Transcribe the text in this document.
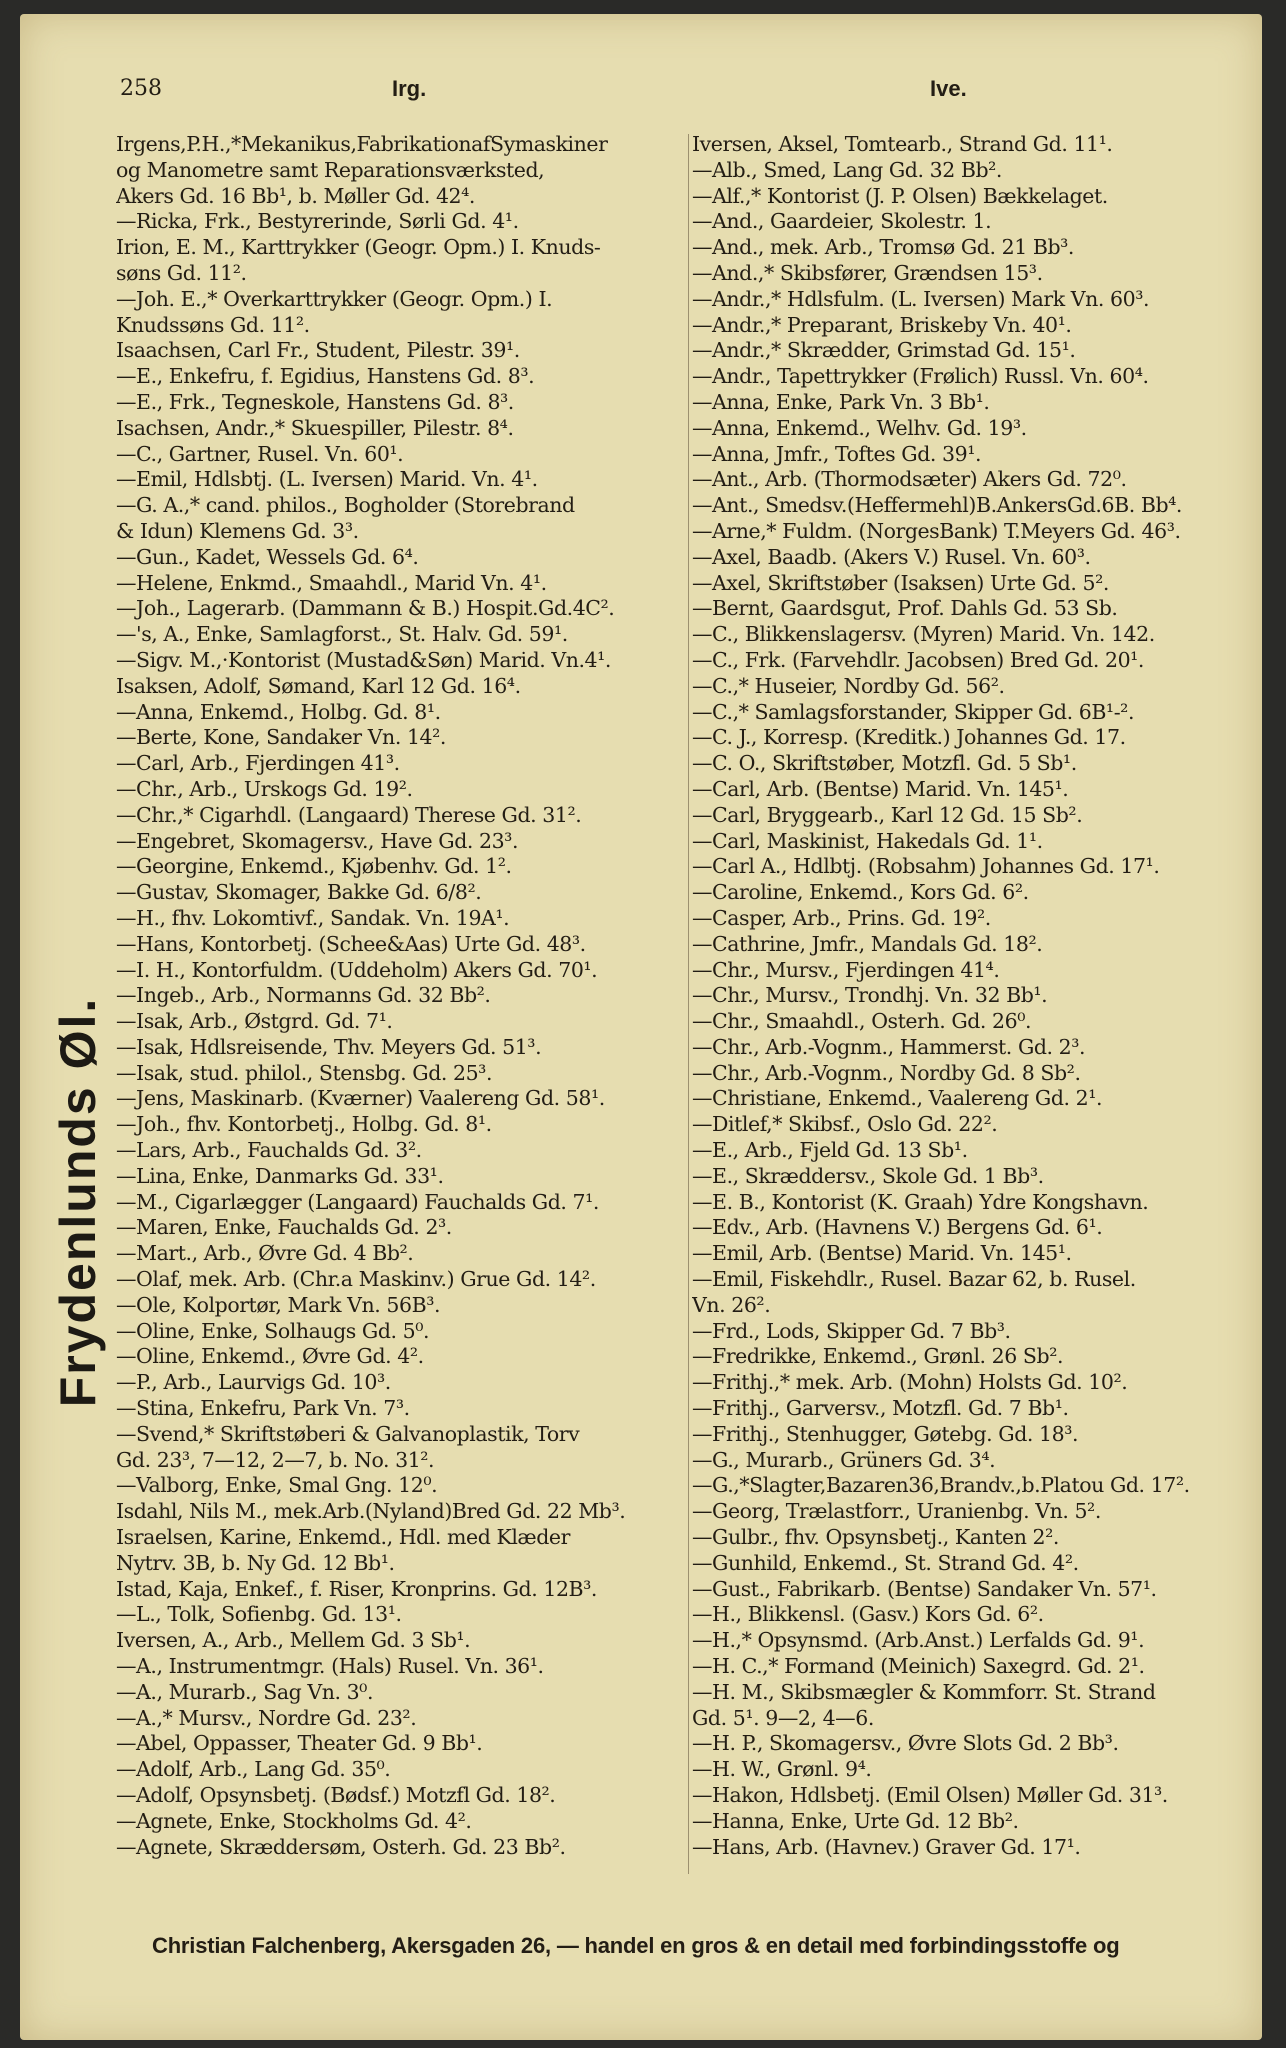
258	Irg.	Ive.
Irgens,P.H.,*Mekanikus,FabrikationafSymaskiner
og Manometre samt Reparationsværksted,
Akers Gd. 16 Bb¹, b. Møller Gd. 42⁴.
—Ricka, Frk., Bestyrerinde, Sørli Gd. 4¹.
Irion, E. M., Karttrykker (Geogr. Opm.) I. Knuds-
søns Gd. 11².
—Joh. E.,* Overkarttrykker (Geogr. Opm.) I.
Knudssøns Gd. 11².
Isaachsen, Carl Fr., Student, Pilestr. 39¹.
—E., Enkefru, f. Egidius, Hanstens Gd. 8³.
—E., Frk., Tegneskole, Hanstens Gd. 8³.
Isachsen, Andr.,* Skuespiller, Pilestr. 8⁴.
—C., Gartner, Rusel. Vn. 60¹.
—Emil, Hdlsbtj. (L. Iversen) Marid. Vn. 4¹.
—G. A.,* cand. philos., Bogholder (Storebrand
& Idun) Klemens Gd. 3³.
—Gun., Kadet, Wessels Gd. 6⁴.
—Helene, Enkmd., Smaahdl., Marid Vn. 4¹.
—Joh., Lagerarb. (Dammann & B.) Hospit.Gd.4C².
—'s, A., Enke, Samlagforst., St. Halv. Gd. 59¹.
—Sigv. M.,·Kontorist (Mustad&Søn) Marid. Vn.4¹.
Isaksen, Adolf, Sømand, Karl 12 Gd. 16⁴.
—Anna, Enkemd., Holbg. Gd. 8¹.
—Berte, Kone, Sandaker Vn. 14².
—Carl, Arb., Fjerdingen 41³.
—Chr., Arb., Urskogs Gd. 19².
—Chr.,* Cigarhdl. (Langaard) Therese Gd. 31².
—Engebret, Skomagersv., Have Gd. 23³.
—Georgine, Enkemd., Kjøbenhv. Gd. 1².
—Gustav, Skomager, Bakke Gd. 6/8².
—H., fhv. Lokomtivf., Sandak. Vn. 19A¹.
—Hans, Kontorbetj. (Schee&Aas) Urte Gd. 48³.
—I. H., Kontorfuldm. (Uddeholm) Akers Gd. 70¹.
—Ingeb., Arb., Normanns Gd. 32 Bb².
—Isak, Arb., Østgrd. Gd. 7¹.
—Isak, Hdlsreisende, Thv. Meyers Gd. 51³.
—Isak, stud. philol., Stensbg. Gd. 25³.
—Jens, Maskinarb. (Kværner) Vaalereng Gd. 58¹.
—Joh., fhv. Kontorbetj., Holbg. Gd. 8¹.
—Lars, Arb., Fauchalds Gd. 3².
—Lina, Enke, Danmarks Gd. 33¹.
—M., Cigarlægger (Langaard) Fauchalds Gd. 7¹.
—Maren, Enke, Fauchalds Gd. 2³.
—Mart., Arb., Øvre Gd. 4 Bb².
—Olaf, mek. Arb. (Chr.a Maskinv.) Grue Gd. 14².
—Ole, Kolportør, Mark Vn. 56B³.
—Oline, Enke, Solhaugs Gd. 5⁰.
—Oline, Enkemd., Øvre Gd. 4².
—P., Arb., Laurvigs Gd. 10³.
—Stina, Enkefru, Park Vn. 7³.
—Svend,* Skriftstøberi & Galvanoplastik, Torv
Gd. 23³, 7—12, 2—7, b. No. 31².
—Valborg, Enke, Smal Gng. 12⁰.
Isdahl, Nils M., mek.Arb.(Nyland)Bred Gd. 22 Mb³.
Israelsen, Karine, Enkemd., Hdl. med Klæder
Nytrv. 3B, b. Ny Gd. 12 Bb¹.
Istad, Kaja, Enkef., f. Riser, Kronprins. Gd. 12B³.
—L., Tolk, Sofienbg. Gd. 13¹.
Iversen, A., Arb., Mellem Gd. 3 Sb¹.
—A., Instrumentmgr. (Hals) Rusel. Vn. 36¹.
—A., Murarb., Sag Vn. 3⁰.
—A.,* Mursv., Nordre Gd. 23².
—Abel, Oppasser, Theater Gd. 9 Bb¹.
—Adolf, Arb., Lang Gd. 35⁰.
—Adolf, Opsynsbetj. (Bødsf.) Motzfl Gd. 18².
—Agnete, Enke, Stockholms Gd. 4².
—Agnete, Skræddersøm, Osterh. Gd. 23 Bb².
Iversen, Aksel, Tomtearb., Strand Gd. 11¹.
—Alb., Smed, Lang Gd. 32 Bb².
—Alf.,* Kontorist (J. P. Olsen) Bækkelaget.
—And., Gaardeier, Skolestr. 1.
—And., mek. Arb., Tromsø Gd. 21 Bb³.
—And.,* Skibsfører, Grændsen 15³.
—Andr.,* Hdlsfulm. (L. Iversen) Mark Vn. 60³.
—Andr.,* Preparant, Briskeby Vn. 40¹.
—Andr.,* Skrædder, Grimstad Gd. 15¹.
—Andr., Tapettrykker (Frølich) Russl. Vn. 60⁴.
—Anna, Enke, Park Vn. 3 Bb¹.
—Anna, Enkemd., Welhv. Gd. 19³.
—Anna, Jmfr., Toftes Gd. 39¹.
—Ant., Arb. (Thormodsæter) Akers Gd. 72⁰.
—Ant., Smedsv.(Heffermehl)B.AnkersGd.6B. Bb⁴.
—Arne,* Fuldm. (NorgesBank) T.Meyers Gd. 46³.
—Axel, Baadb. (Akers V.) Rusel. Vn. 60³.
—Axel, Skriftstøber (Isaksen) Urte Gd. 5².
—Bernt, Gaardsgut, Prof. Dahls Gd. 53 Sb.
—C., Blikkenslagersv. (Myren) Marid. Vn. 142.
—C., Frk. (Farvehdlr. Jacobsen) Bred Gd. 20¹.
—C.,* Huseier, Nordby Gd. 56².
—C.,* Samlagsforstander, Skipper Gd. 6B¹-².
—C. J., Korresp. (Kreditk.) Johannes Gd. 17.
—C. O., Skriftstøber, Motzfl. Gd. 5 Sb¹.
—Carl, Arb. (Bentse) Marid. Vn. 145¹.
—Carl, Bryggearb., Karl 12 Gd. 15 Sb².
—Carl, Maskinist, Hakedals Gd. 1¹.
—Carl A., Hdlbtj. (Robsahm) Johannes Gd. 17¹.
—Caroline, Enkemd., Kors Gd. 6².
—Casper, Arb., Prins. Gd. 19².
—Cathrine, Jmfr., Mandals Gd. 18².
—Chr., Mursv., Fjerdingen 41⁴.
—Chr., Mursv., Trondhj. Vn. 32 Bb¹.
—Chr., Smaahdl., Osterh. Gd. 26⁰.
—Chr., Arb.-Vognm., Hammerst. Gd. 2³.
—Chr., Arb.-Vognm., Nordby Gd. 8 Sb².
—Christiane, Enkemd., Vaalereng Gd. 2¹.
—Ditlef,* Skibsf., Oslo Gd. 22².
—E., Arb., Fjeld Gd. 13 Sb¹.
—E., Skræddersv., Skole Gd. 1 Bb³.
—E. B., Kontorist (K. Graah) Ydre Kongshavn.
—Edv., Arb. (Havnens V.) Bergens Gd. 6¹.
—Emil, Arb. (Bentse) Marid. Vn. 145¹.
—Emil, Fiskehdlr., Rusel. Bazar 62, b. Rusel.
Vn. 26².
—Frd., Lods, Skipper Gd. 7 Bb³.
—Fredrikke, Enkemd., Grønl. 26 Sb².
—Frithj.,* mek. Arb. (Mohn) Holsts Gd. 10².
—Frithj., Garversv., Motzfl. Gd. 7 Bb¹.
—Frithj., Stenhugger, Gøtebg. Gd. 18³.
—G., Murarb., Grüners Gd. 3⁴.
—G.,*Slagter,Bazaren36,Brandv.,b.Platou Gd. 17².
—Georg, Trælastforr., Uranienbg. Vn. 5².
—Gulbr., fhv. Opsynsbetj., Kanten 2².
—Gunhild, Enkemd., St. Strand Gd. 4².
—Gust., Fabrikarb. (Bentse) Sandaker Vn. 57¹.
—H., Blikkensl. (Gasv.) Kors Gd. 6².
—H.,* Opsynsmd. (Arb.Anst.) Lerfalds Gd. 9¹.
—H. C.,* Formand (Meinich) Saxegrd. Gd. 2¹.
—H. M., Skibsmægler & Kommforr. St. Strand
Gd. 5¹. 9—2, 4—6.
—H. P., Skomagersv., Øvre Slots Gd. 2 Bb³.
—H. W., Grønl. 9⁴.
—Hakon, Hdlsbetj. (Emil Olsen) Møller Gd. 31³.
—Hanna, Enke, Urte Gd. 12 Bb².
—Hans, Arb. (Havnev.) Graver Gd. 17¹.
Frydenlunds Øl.
Christian Falchenberg, Akersgaden 26, — handel en gros & en detail med forbindingsstoffe og
